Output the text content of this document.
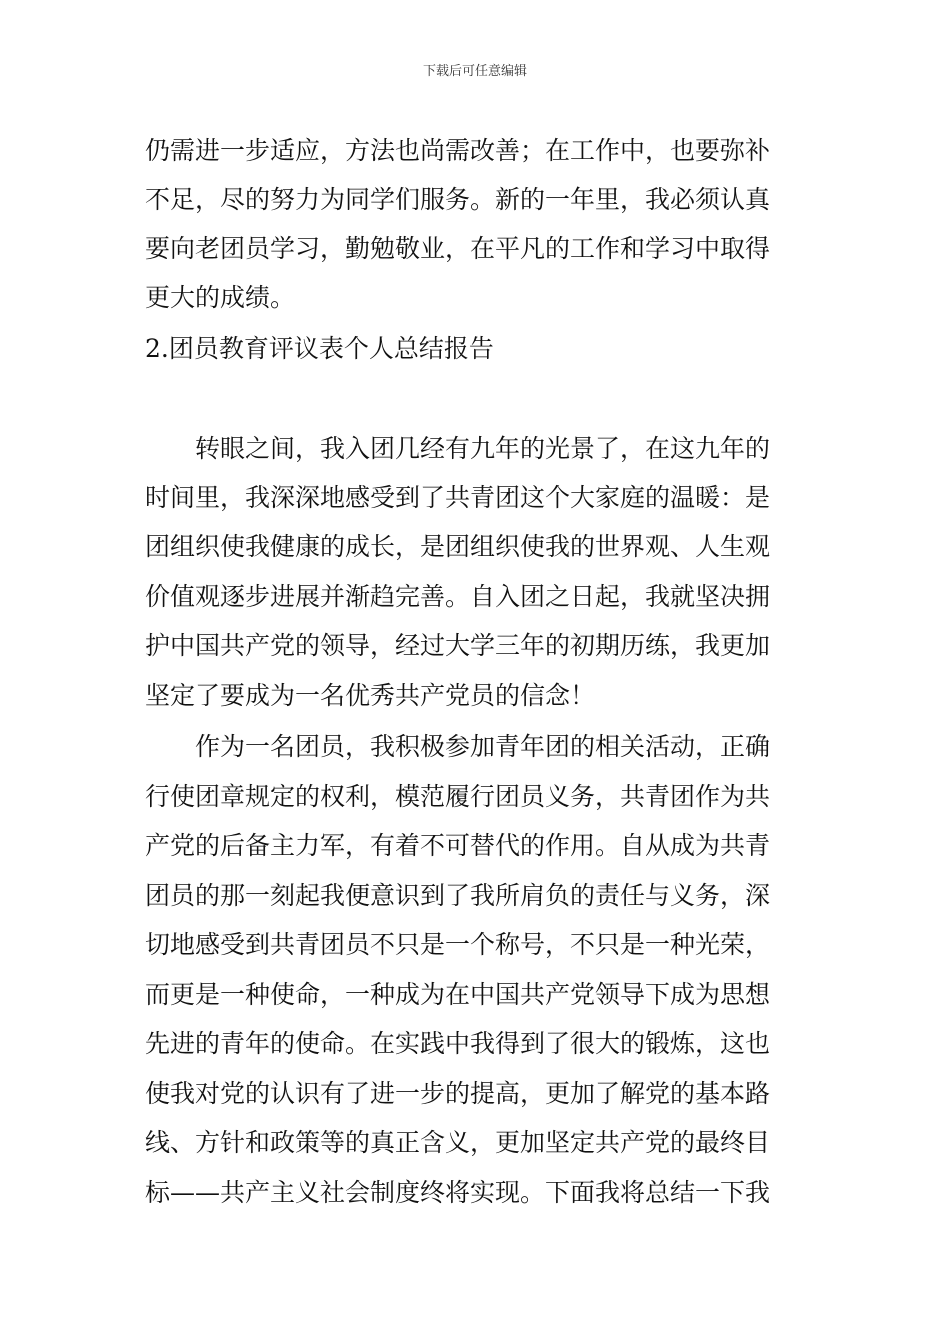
下载后可任意编辑
仍需进一步适应，方法也尚需改善；在工作中，也要弥补
不足，尽的努力为同学们服务。新的一年里，我必须认真
要向老团员学习，勤勉敬业，在平凡的工作和学习中取得
更大的成绩。
2.团员教育评议表个人总结报告
转眼之间，我入团几经有九年的光景了，在这九年的
时间里，我深深地感受到了共青团这个大家庭的温暖：是
团组织使我健康的成长，是团组织使我的世界观、人生观
价值观逐步进展并渐趋完善。自入团之日起，我就坚决拥
护中国共产党的领导，经过大学三年的初期历练，我更加
坚定了要成为一名优秀共产党员的信念！
作为一名团员，我积极参加青年团的相关活动，正确
行使团章规定的权利，模范履行团员义务，共青团作为共
产党的后备主力军，有着不可替代的作用。自从成为共青
团员的那一刻起我便意识到了我所肩负的责任与义务，深
切地感受到共青团员不只是一个称号，不只是一种光荣，
而更是一种使命，一种成为在中国共产党领导下成为思想
先进的青年的使命。在实践中我得到了很大的锻炼，这也
使我对党的认识有了进一步的提高，更加了解党的基本路
线、方针和政策等的真正含义，更加坚定共产党的最终目
标——共产主义社会制度终将实现。下面我将总结一下我
